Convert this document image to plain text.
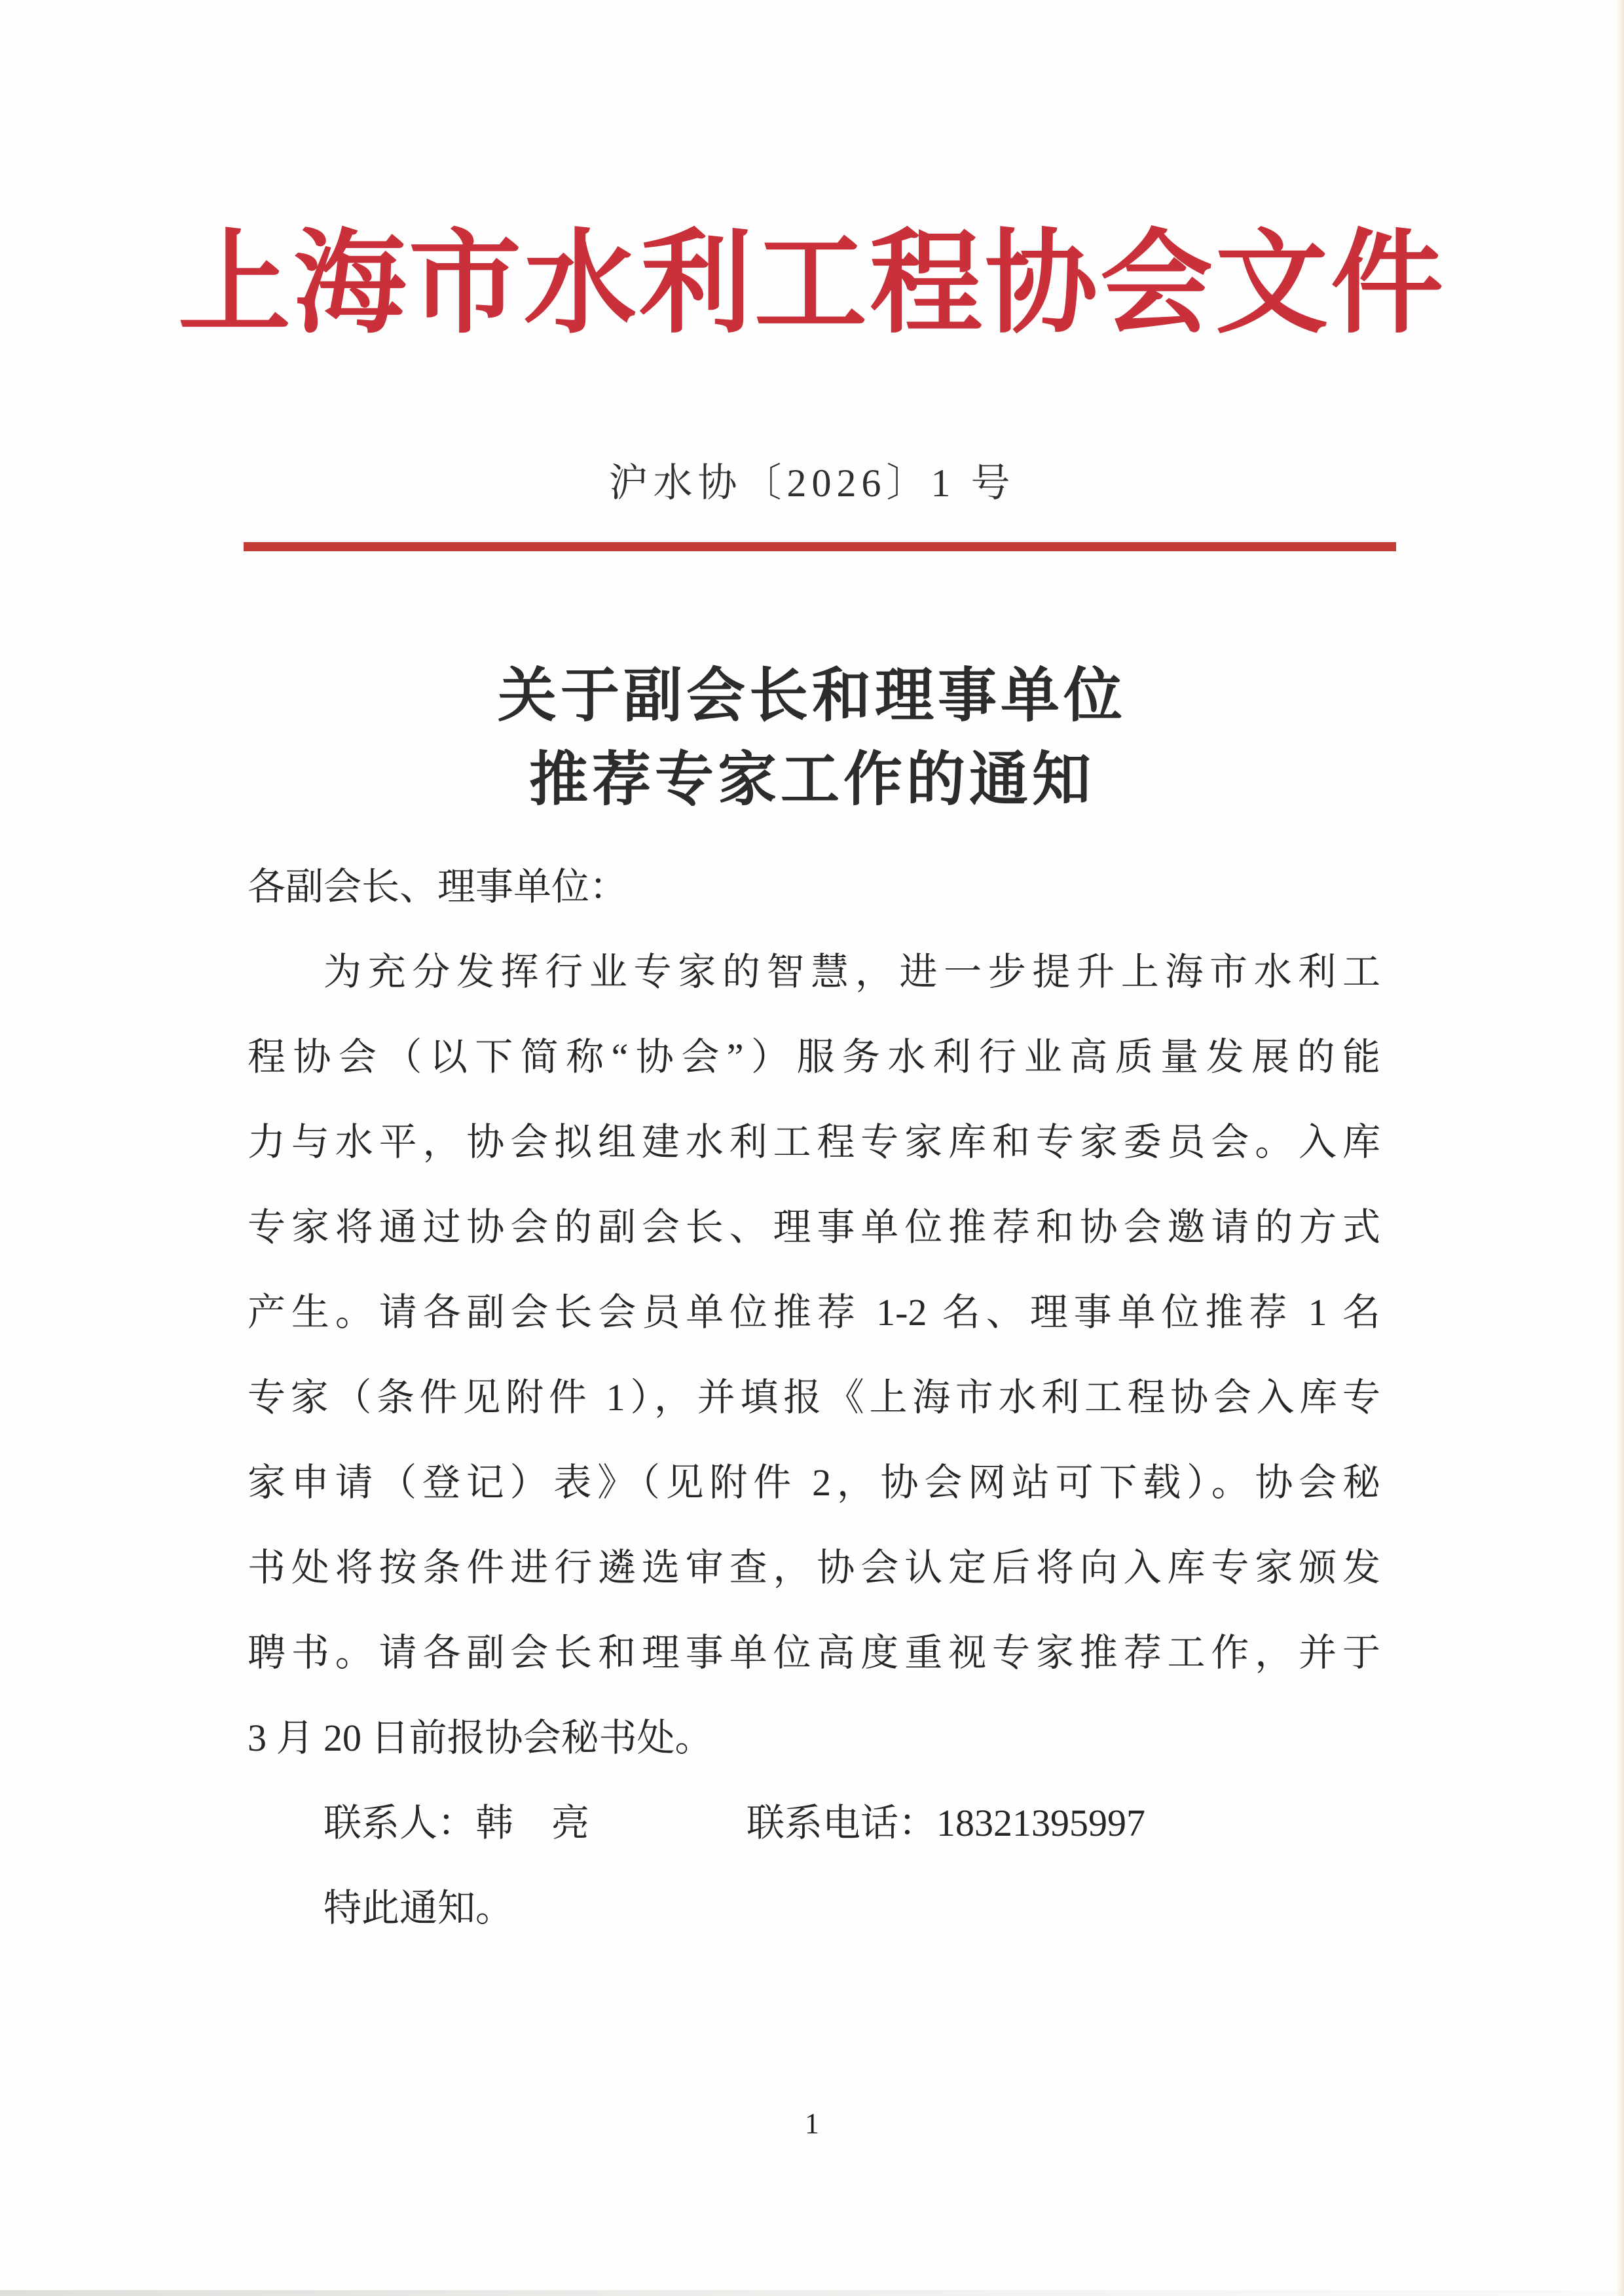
上海市水利工程协会文件
沪水协〔2026〕1 号
关于副会长和理事单位
推荐专家工作的通知
各副会长、理事单位：
为充分发挥行业专家的智慧，进一步提升上海市水利工
程协会（以下简称“协会”）服务水利行业高质量发展的能
力与水平，协会拟组建水利工程专家库和专家委员会。入库
专家将通过协会的副会长、理事单位推荐和协会邀请的方式
产生。请各副会长会员单位推荐 1-2 名、理事单位推荐 1 名
专家（条件见附件 1），并填报《上海市水利工程协会入库专
家申请（登记）表》（见附件 2，协会网站可下载）。协会秘
书处将按条件进行遴选审查，协会认定后将向入库专家颁发
聘书。请各副会长和理事单位高度重视专家推荐工作，并于
3 月 20 日前报协会秘书处。
联系人：韩　亮	联系电话：18321395997
特此通知。
1
